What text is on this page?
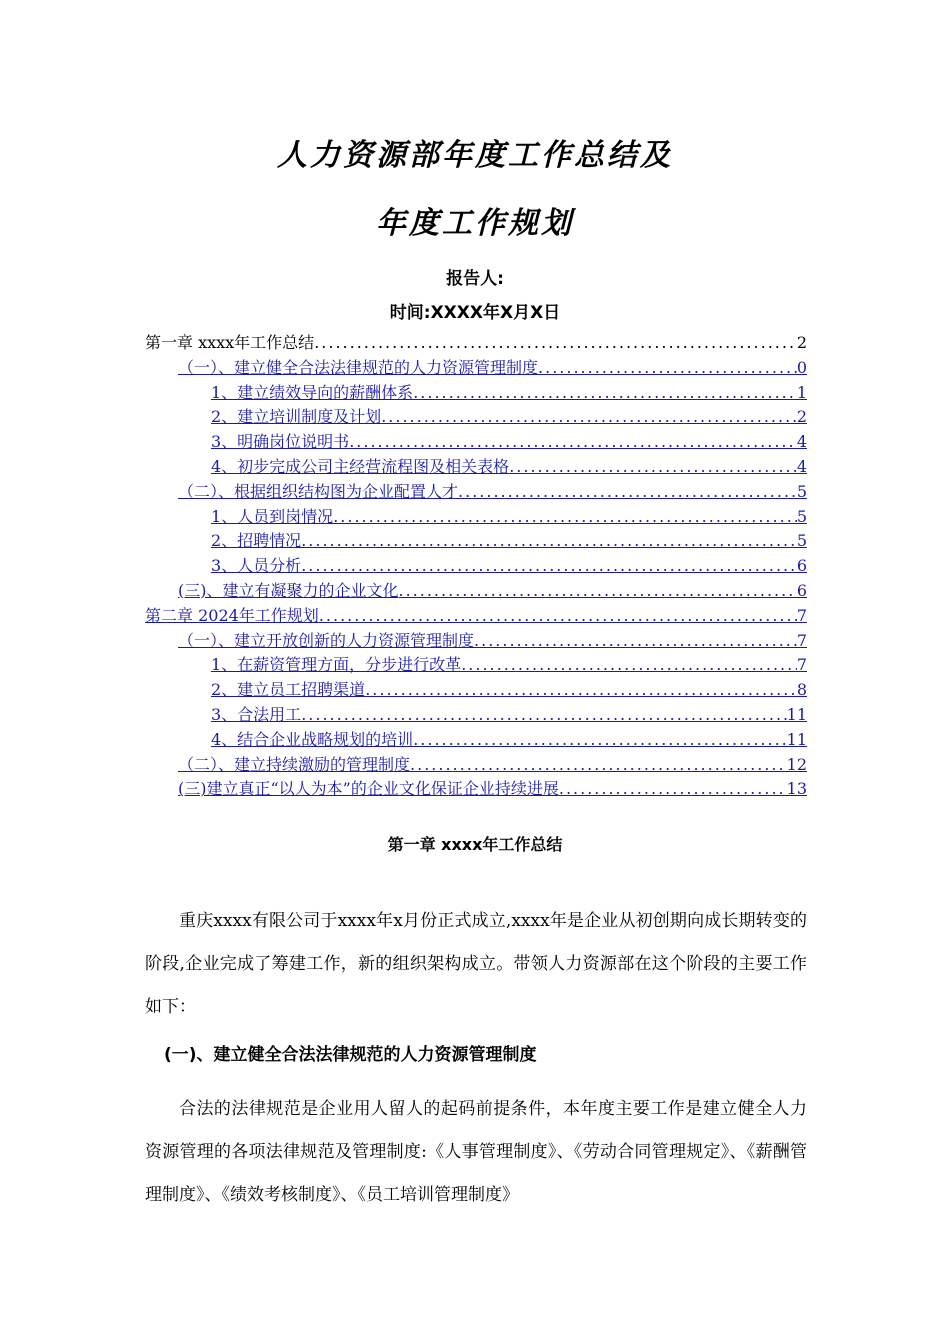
人力资源部年度工作总结及
年度工作规划
报告人:
时间:XXXX年X月X日
第一章 xxxx年工作总结 .....	2
（一）、建立健全合法法律规范的人力资源管理制度 .....	0
1、建立绩效导向的薪酬体系 .....	1
2、建立培训制度及计划 .....	2
3、明确岗位说明书 .....	4
4、初步完成公司主经营流程图及相关表格 .....	4
（二）、根据组织结构图为企业配置人才 .....	5
1、人员到岗情况 .....	5
2、招聘情况 .....	5
3、人员分析 .....	6
(三)、建立有凝聚力的企业文化 .....	6
第二章 2024年工作规划 .....	7
（一）、建立开放创新的人力资源管理制度 .....	7
1、在薪资管理方面，分步进行改革 .....	7
2、建立员工招聘渠道 .....	8
3、合法用工 .....	11
4、结合企业战略规划的培训 .....	11
（二）、建立持续激励的管理制度 .....	12
(三)建立真正“以人为本”的企业文化保证企业持续进展 .....	13
第一章 xxxx年工作总结
重庆xxxx有限公司于xxxx年x月份正式成立,xxxx年是企业从初创期向成长期转变的阶段,企业完成了筹建工作，新的组织架构成立。带领人力资源部在这个阶段的主要工作如下：
(一)、建立健全合法法律规范的人力资源管理制度
合法的法律规范是企业用人留人的起码前提条件，本年度主要工作是建立健全人力资源管理的各项法律规范及管理制度:《人事管理制度》、《劳动合同管理规定》、《薪酬管理制度》、《绩效考核制度》、《员工培训管理制度》
